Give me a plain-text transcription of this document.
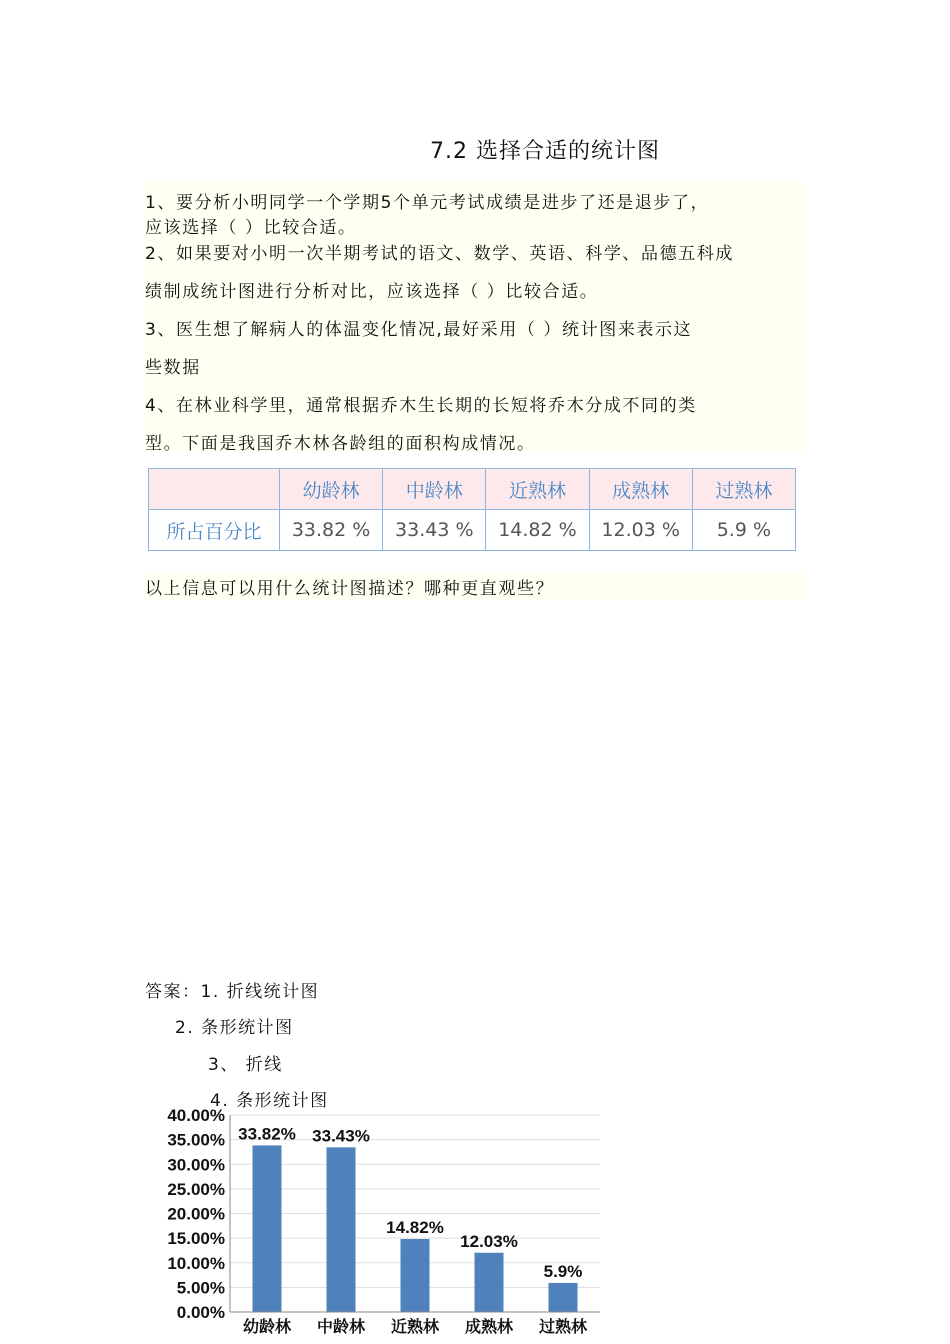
7.2 选择合适的统计图
1、要分析小明同学一个学期5个单元考试成绩是进步了还是退步了，
应该选择（ ）比较合适。
2、如果要对小明一次半期考试的语文、数学、英语、科学、品德五科成
绩制成统计图进行分析对比，应该选择（ ）比较合适。
3、医生想了解病人的体温变化情况,最好采用（ ）统计图来表示这
些数据
4、在林业科学里，通常根据乔木生长期的长短将乔木分成不同的类
型。下面是我国乔木林各龄组的面积构成情况。
	幼龄林	中龄林	近熟林	成熟林	过熟林
所占百分比	33.82 %	33.43 %	14.82 %	12.03 %	5.9 %
以上信息可以用什么统计图描述？哪种更直观些？
答案：1. 折线统计图
2. 条形统计图
3、 折线
4. 条形统计图
0.00%
5.00%
10.00%
15.00%
20.00%
25.00%
30.00%
35.00%
40.00%
33.82% 33.43%
14.82%
12.03%
5.9%
幼龄林 中龄林 近熟林 成熟林 过熟林
